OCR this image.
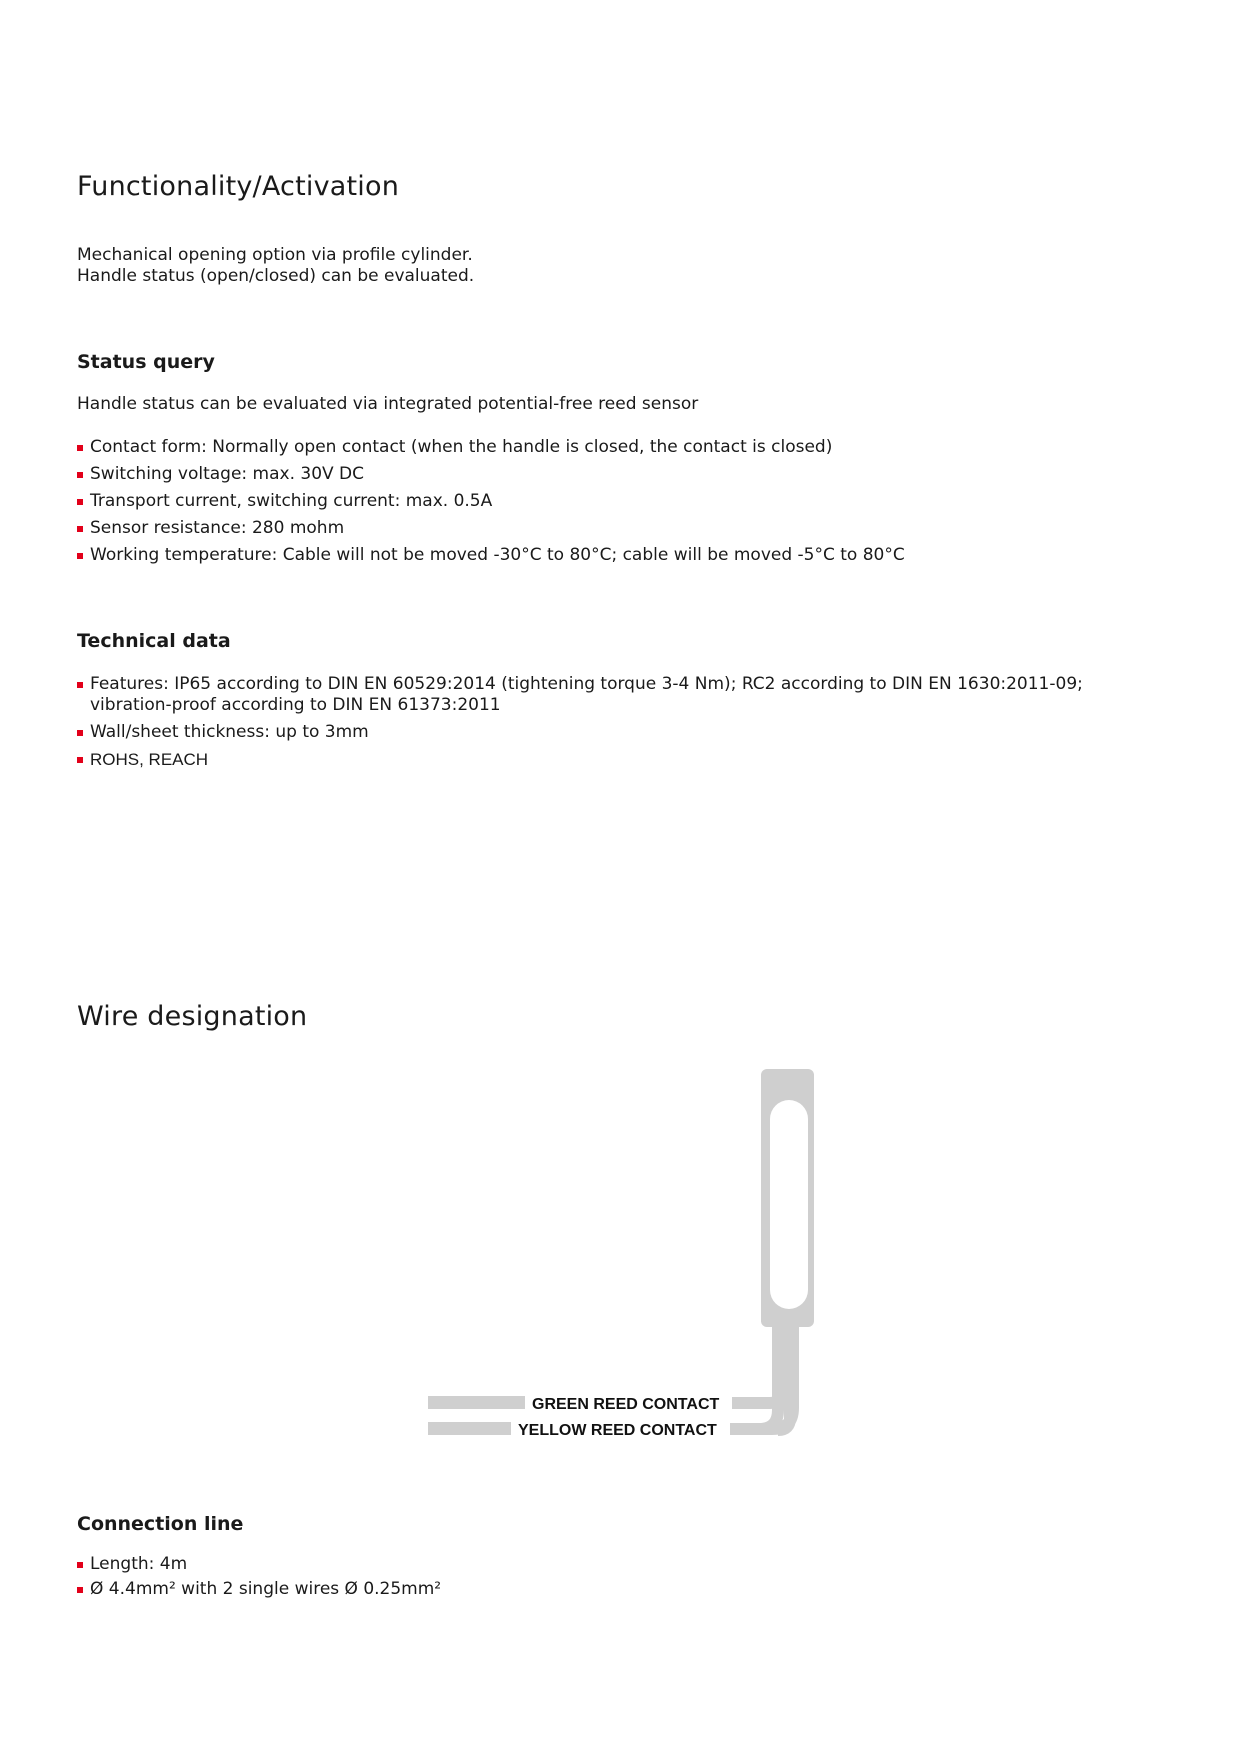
Functionality/Activation

Mechanical opening option via profile cylinder.

Handle status (open/closed) can be evaluated.

Status query

Handle status can be evaluated via integrated potential-free reed sensor

Contact form: Normally open contact (when the handle is closed, the contact is closed)
Switching voltage: max. 30V DC
Transport current, switching current: max. 0.5A
Sensor resistance: 280 mohm
Working temperature: Cable will not be moved -30°C to 80°C; cable will be moved -5°C to 80°C
Technical data
Features: IP65 according to DIN EN 60529:2014 (tightening torque 3-4 Nm); RC2 according to DIN EN 1630:2011-09; vibration-proof according to DIN EN 61373:2011
Wall/sheet thickness: up to 3mm
ROHS, REACH
Wire designation
GREEN REED CONTACT
YELLOW REED CONTACT
Connection line
Length: 4m
Ø 4.4mm² with 2 single wires Ø 0.25mm²
